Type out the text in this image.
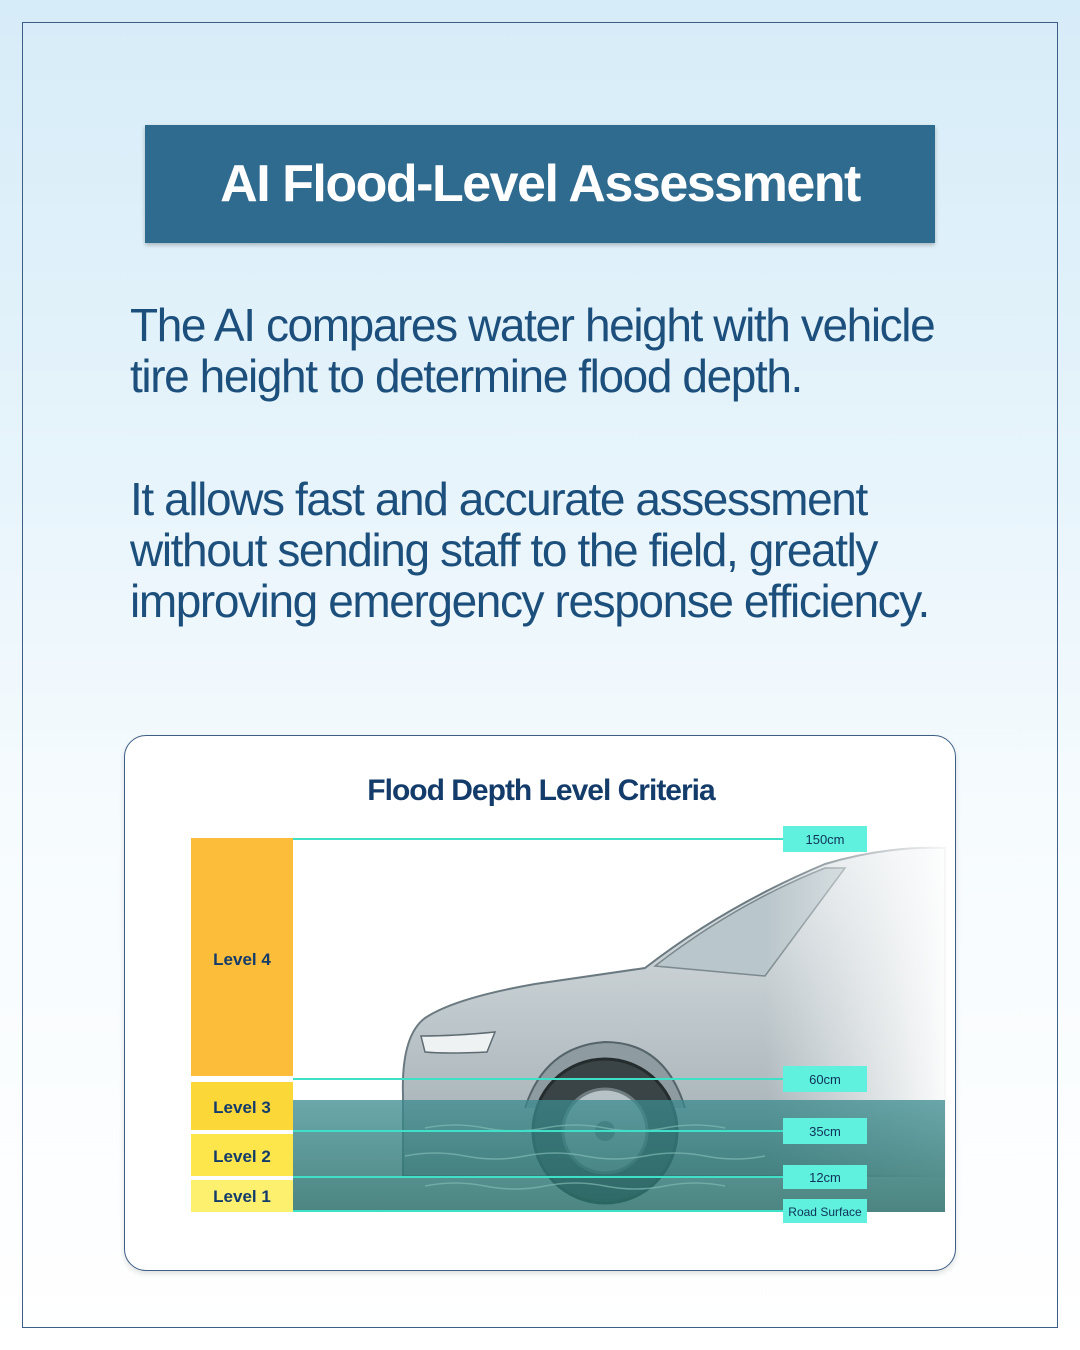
AI Flood-Level Assessment
The AI compares water height with vehicle tire height to determine flood depth.
It allows fast and accurate assessment without sending staff to the field, greatly improving emergency response efficiency.
Flood Depth Level Criteria
Level 4
Level 3
Level 2
Level 1
150cm
60cm
35cm
12cm
Road Surface
